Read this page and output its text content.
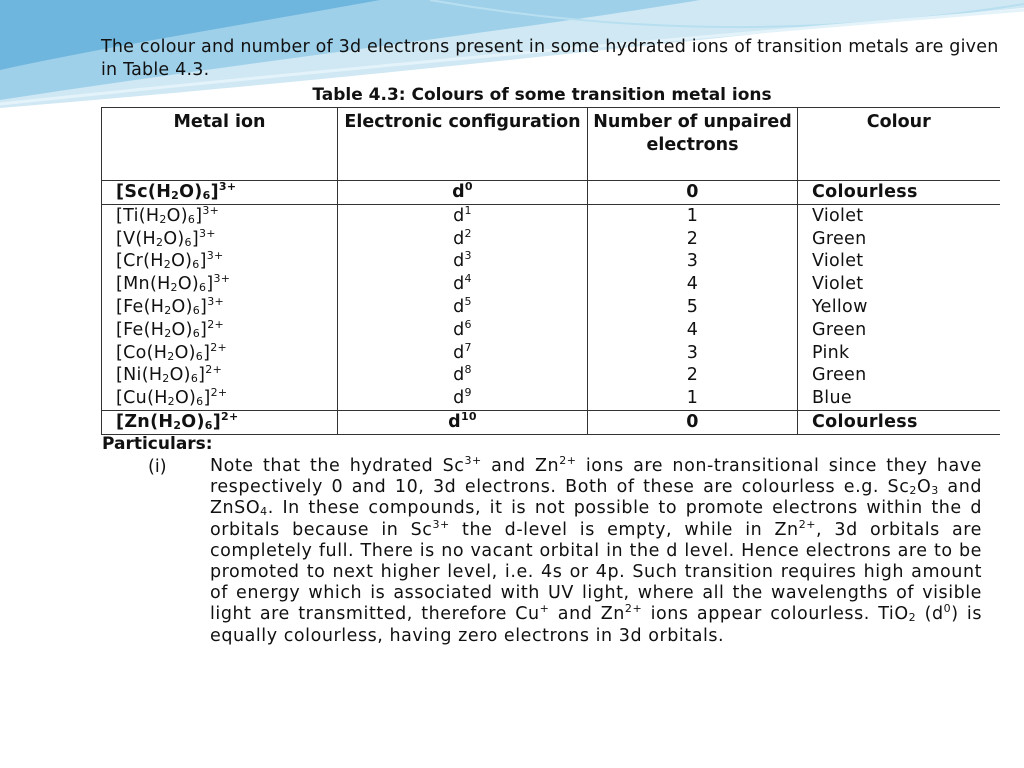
The colour and number of 3d electrons present in some hydrated ions of transition metals are given in Table 4.3.
Table 4.3: Colours of some transition metal ions
Metal ion	Electronic configuration	Number of unpaired electrons	Colour
$[Sc(H_2O)_6]^{3+}$	$d^0$	0	Colourless
$[Ti(H_2O)_6]^{3+}$	$d^1$	1	Violet
$[V(H_2O)_6]^{3+}$	$d^2$	2	Green
$[Cr(H_2O)_6]^{3+}$	$d^3$	3	Violet
$[Mn(H_2O)_6]^{3+}$	$d^4$	4	Violet
$[Fe(H_2O)_6]^{3+}$	$d^5$	5	Yellow
$[Fe(H_2O)_6]^{2+}$	$d^6$	4	Green
$[Co(H_2O)_6]^{2+}$	$d^7$	3	Pink
$[Ni(H_2O)_6]^{2+}$	$d^8$	2	Green
$[Cu(H_2O)_6]^{2+}$	$d^9$	1	Blue
$[Zn(H_2O)_6]^{2+}$	$d^{10}$	0	Colourless
Particulars:
(i) Note that the hydrated $Sc^{3+}$ and $Zn^{2+}$ ions are non-transitional since they have respectively 0 and 10, 3d electrons. Both of these are colourless e.g. $Sc_2O_3$ and ZnSO$_4$. In these compounds, it is not possible to promote electrons within the d orbitals because in $Sc^{3+}$ the d-level is empty, while in $Zn^{2+}$, 3d orbitals are completely full. There is no vacant orbital in the d level. Hence electrons are to be promoted to next higher level, i.e. 4s or 4p. Such transition requires high amount of energy which is associated with UV light, where all the wavelengths of visible light are transmitted, therefore Cu+ and $Zn^{2+}$ ions appear colourless. TiO$_2$ $(d^0)$ is equally colourless, having zero electrons in 3d orbitals.
